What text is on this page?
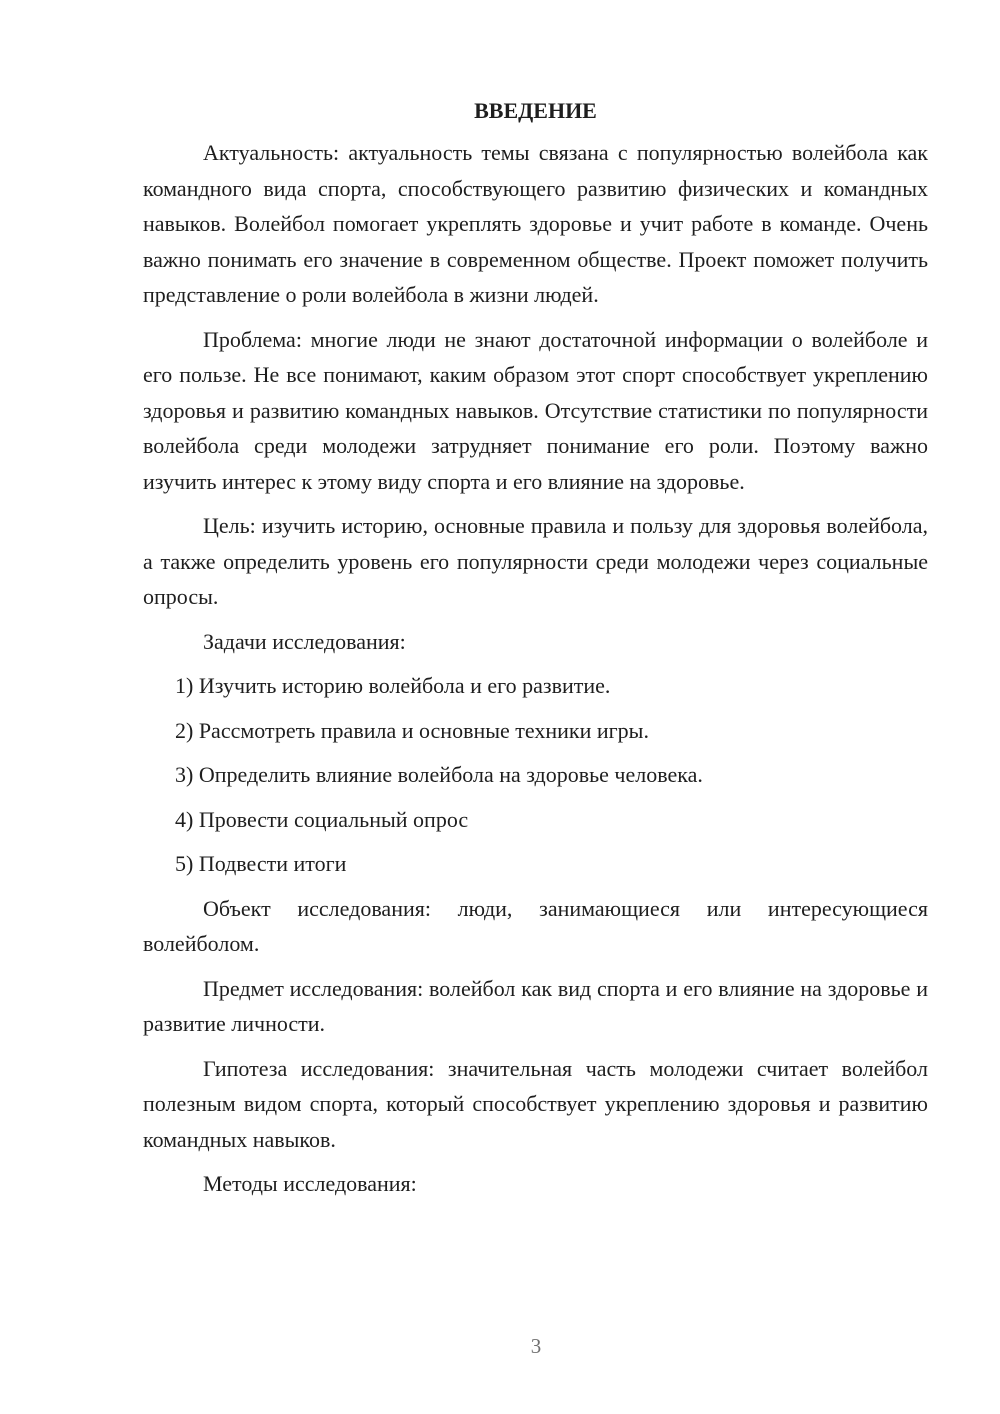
ВВЕДЕНИЕ

Актуальность: актуальность темы связана с популярностью волейбола как командного вида спорта, способствующего развитию физических и командных навыков. Волейбол помогает укреплять здоровье и учит работе в команде. Очень важно понимать его значение в современном обществе. Проект поможет получить представление о роли волейбола в жизни людей.

Проблема: многие люди не знают достаточной информации о волейболе и его пользе. Не все понимают, каким образом этот спорт способствует укреплению здоровья и развитию командных навыков. Отсутствие статистики по популярности волейбола среди молодежи затрудняет понимание его роли. Поэтому важно изучить интерес к этому виду спорта и его влияние на здоровье.

Цель: изучить историю, основные правила и пользу для здоровья волейбола, а также определить уровень его популярности среди молодежи через социальные опросы.

Задачи исследования:
1) Изучить историю волейбола и его развитие.
2) Рассмотреть правила и основные техники игры.
3) Определить влияние волейбола на здоровье человека.
4) Провести социальный опрос
5) Подвести итоги

Объект исследования: люди, занимающиеся или интересующиеся волейболом.

Предмет исследования: волейбол как вид спорта и его влияние на здоровье и развитие личности.

Гипотеза исследования: значительная часть молодежи считает волейбол полезным видом спорта, который способствует укреплению здоровья и развитию командных навыков.

Методы исследования:

3
